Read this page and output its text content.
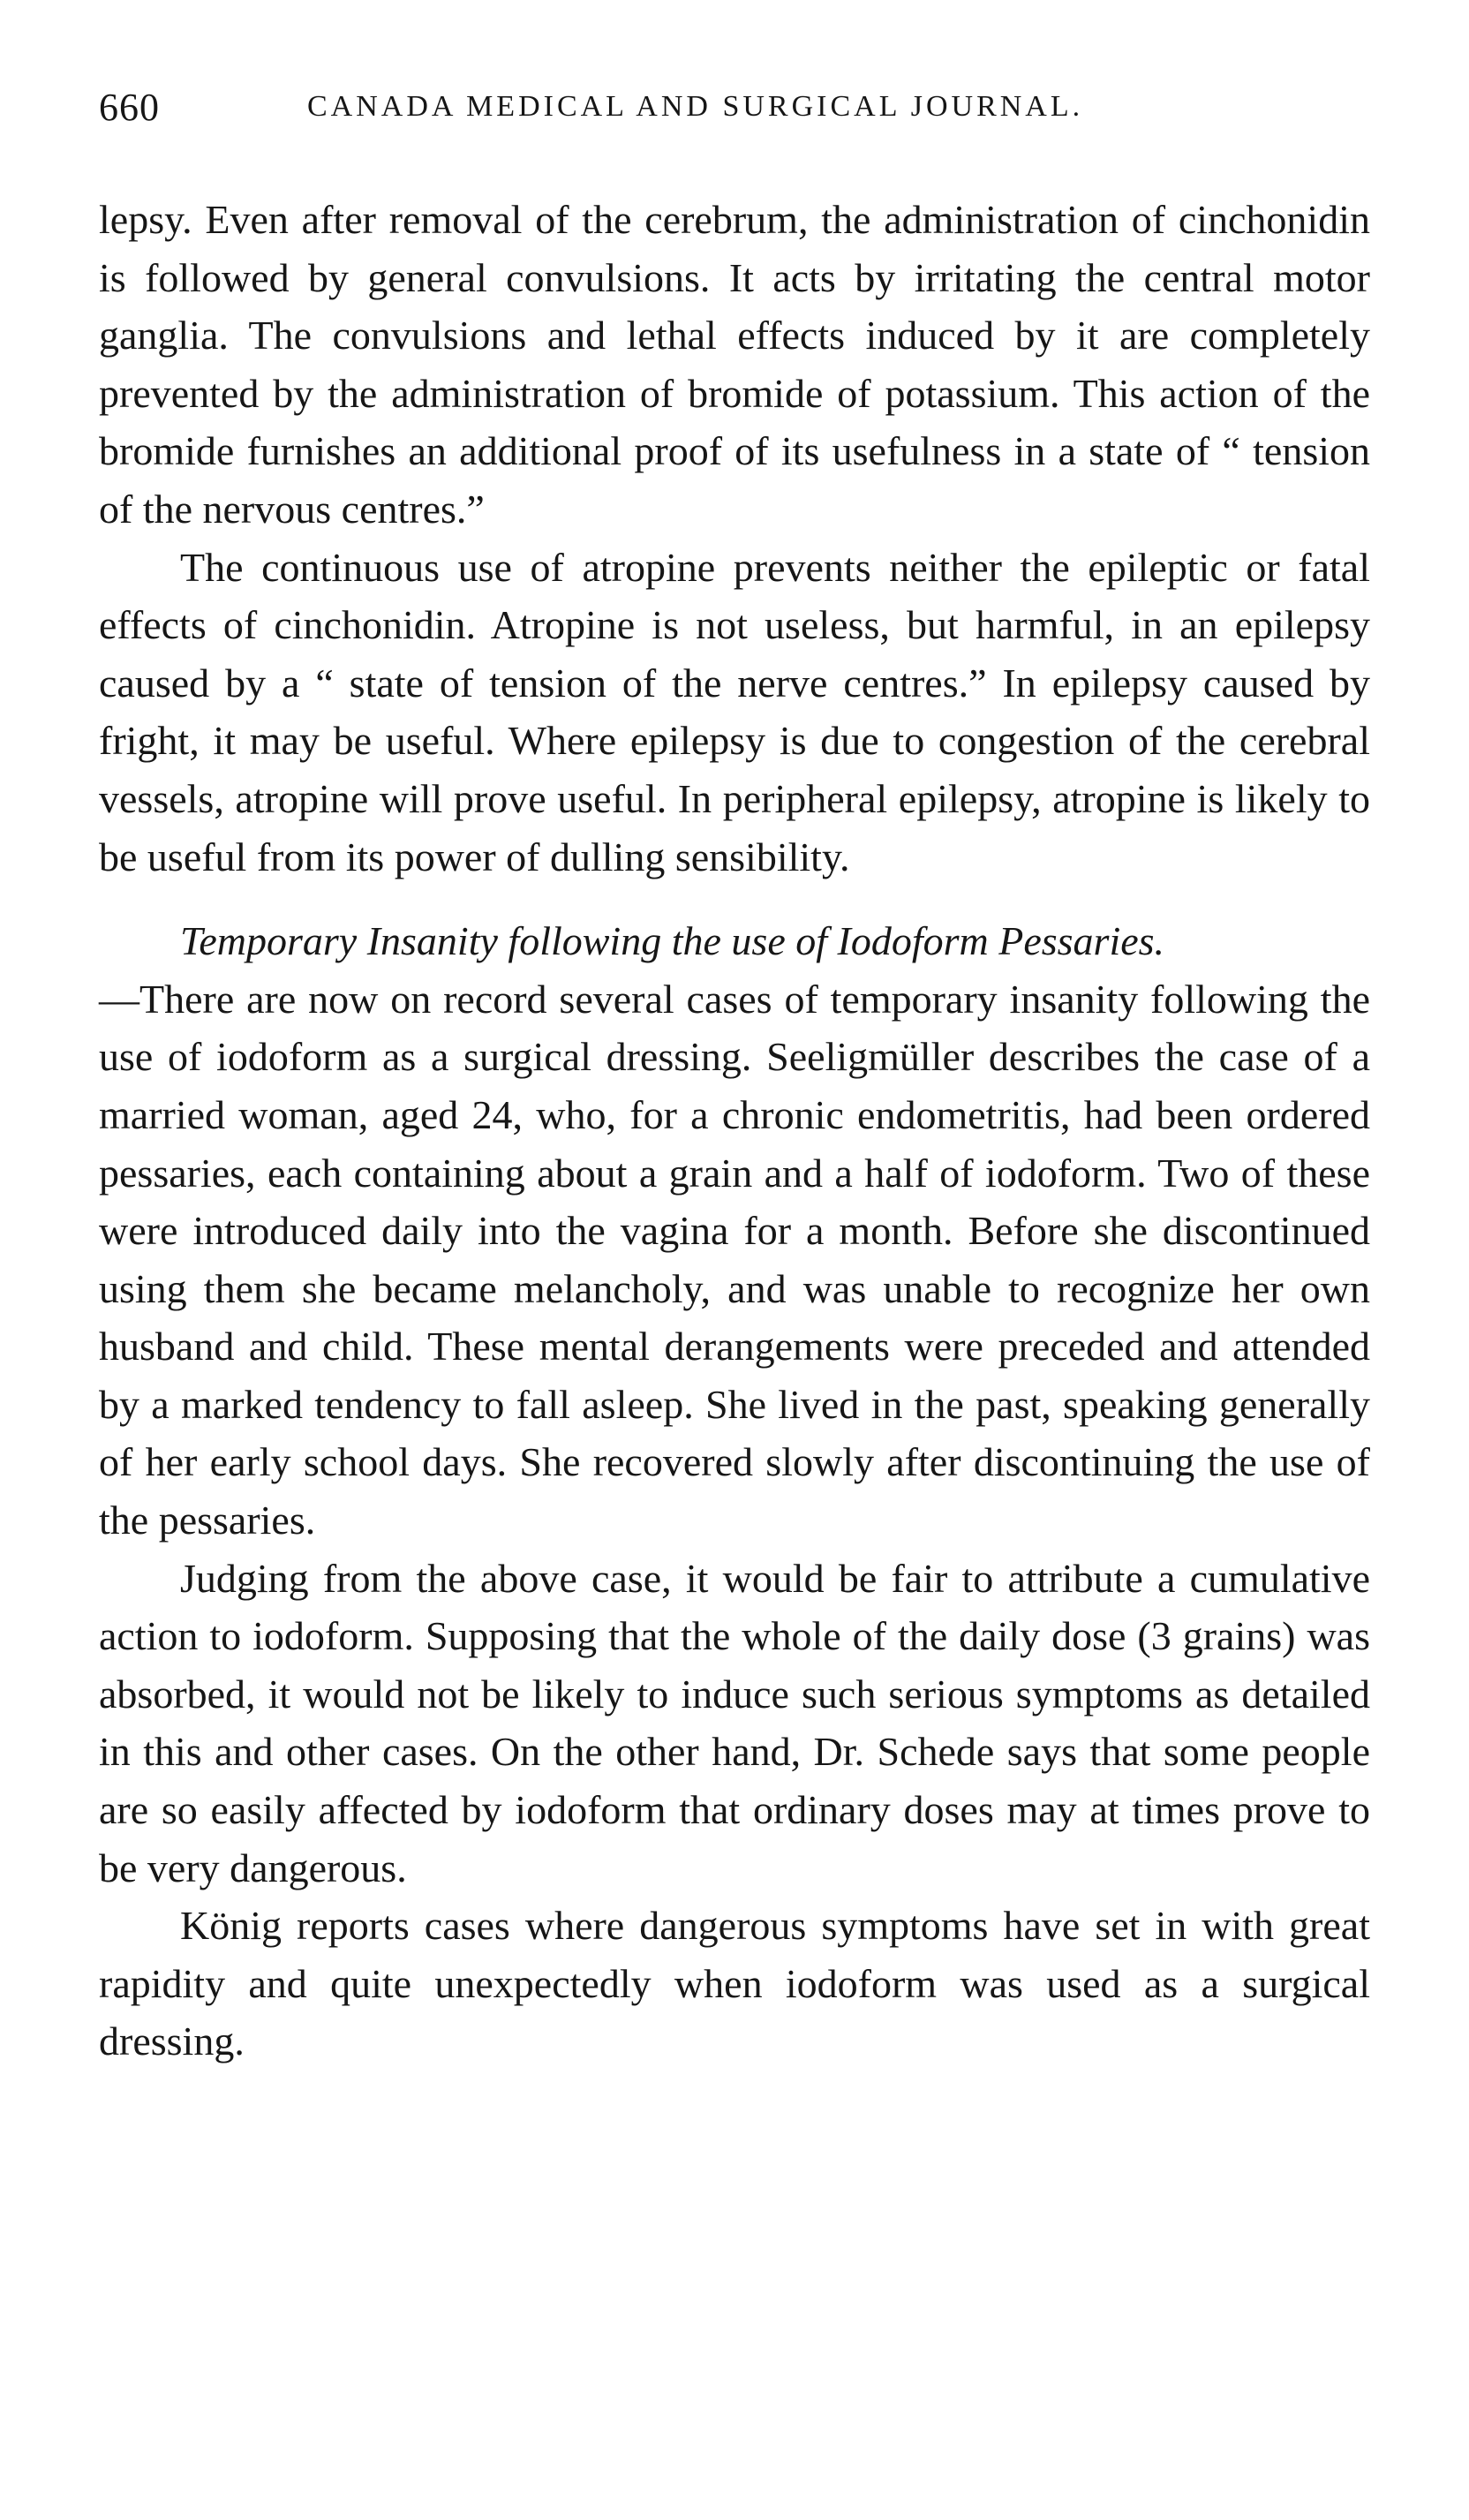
660	CANADA MEDICAL AND SURGICAL JOURNAL.

lepsy. Even after removal of the cerebrum, the administration of cinchonidin is followed by general convulsions. It acts by irritating the central motor ganglia. The convulsions and lethal effects induced by it are completely prevented by the administration of bromide of potassium. This action of the bromide furnishes an additional proof of its usefulness in a state of “ tension of the nervous centres.”

The continuous use of atropine prevents neither the epileptic or fatal effects of cinchonidin. Atropine is not useless, but harmful, in an epilepsy caused by a “ state of tension of the nerve centres.” In epilepsy caused by fright, it may be useful. Where epilepsy is due to congestion of the cerebral vessels, atropine will prove useful. In peripheral epilepsy, atropine is likely to be useful from its power of dulling sensibility.

Temporary Insanity following the use of Iodoform Pessaries.
—There are now on record several cases of temporary insanity following the use of iodoform as a surgical dressing. Seeligmüller describes the case of a married woman, aged 24, who, for a chronic endometritis, had been ordered pessaries, each containing about a grain and a half of iodoform. Two of these were introduced daily into the vagina for a month. Before she discontinued using them she became melancholy, and was unable to recognize her own husband and child. These mental derangements were preceded and attended by a marked tendency to fall asleep. She lived in the past, speaking generally of her early school days. She recovered slowly after discontinuing the use of the pessaries.

Judging from the above case, it would be fair to attribute a cumulative action to iodoform. Supposing that the whole of the daily dose (3 grains) was absorbed, it would not be likely to induce such serious symptoms as detailed in this and other cases. On the other hand, Dr. Schede says that some people are so easily affected by iodoform that ordinary doses may at times prove to be very dangerous.

König reports cases where dangerous symptoms have set in with great rapidity and quite unexpectedly when iodoform was used as a surgical dressing.
